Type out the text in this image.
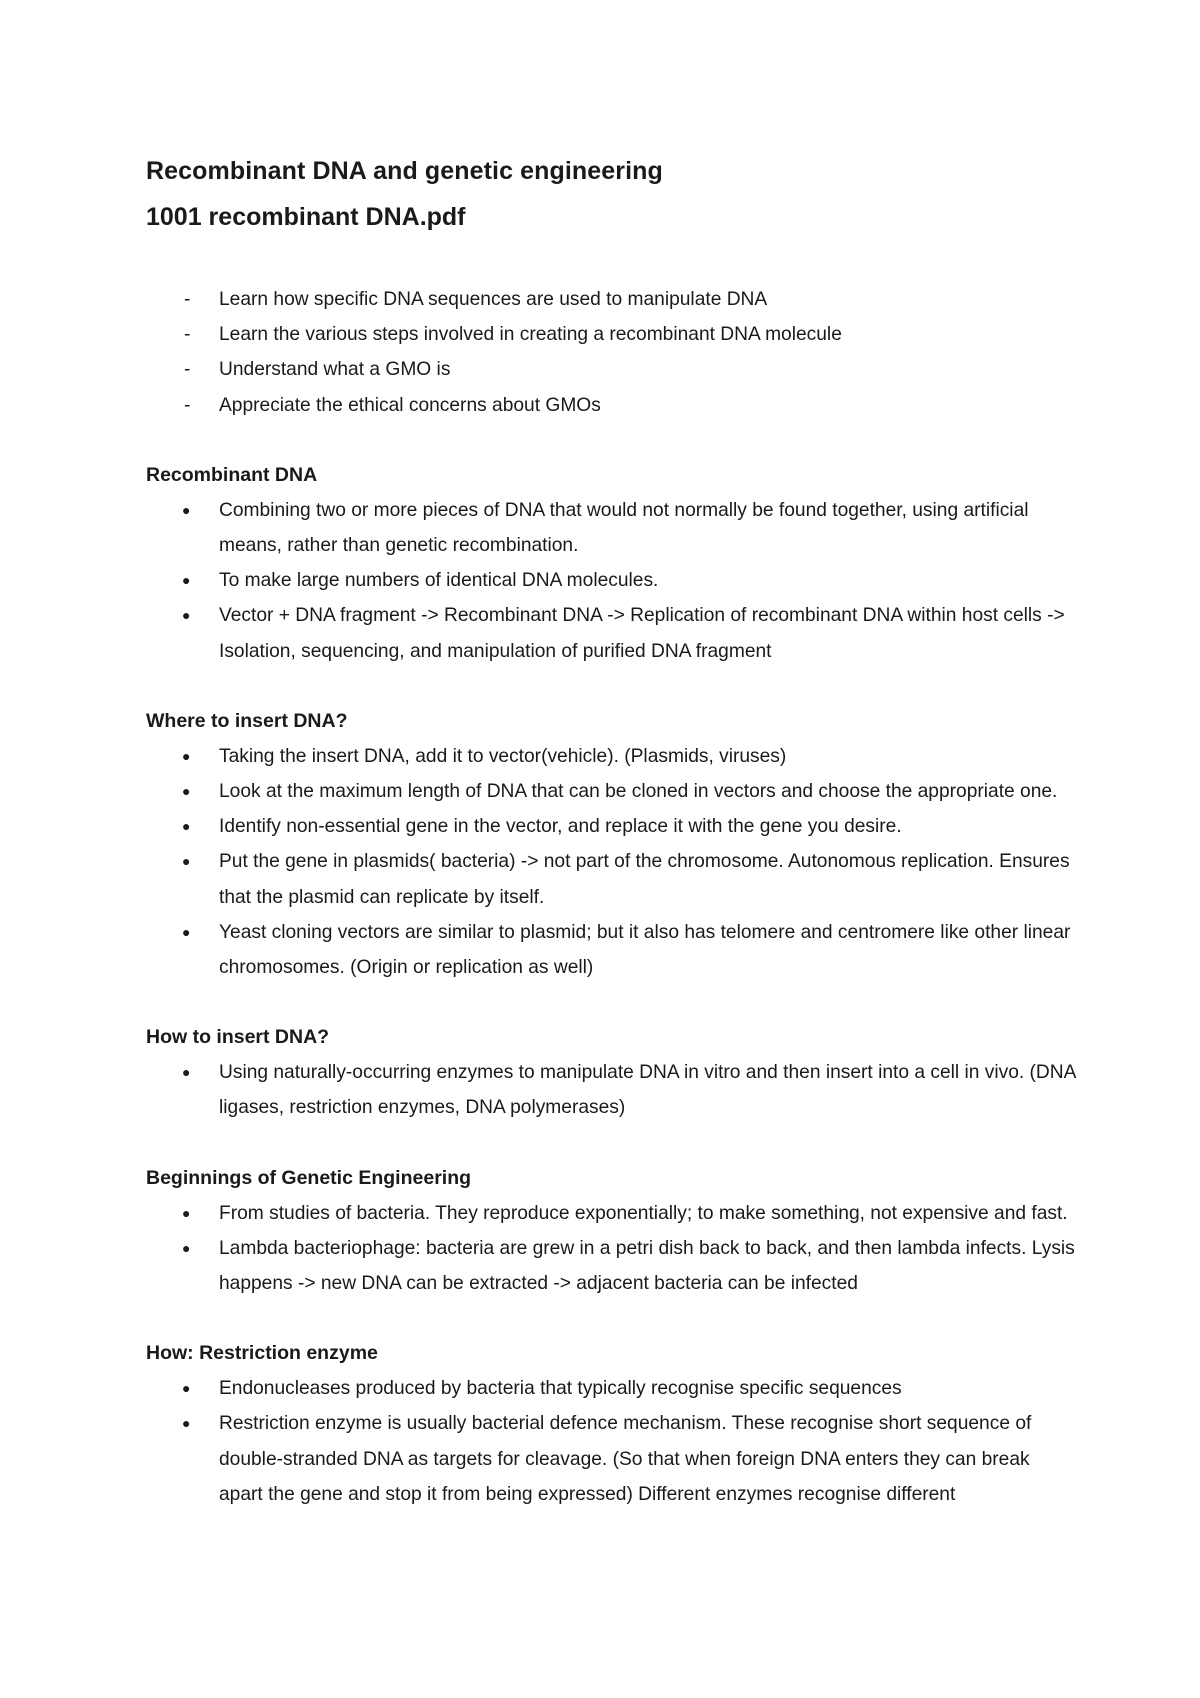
Recombinant DNA and genetic engineering
1001 recombinant DNA.pdf
- Learn how specific DNA sequences are used to manipulate DNA
- Learn the various steps involved in creating a recombinant DNA molecule
- Understand what a GMO is
- Appreciate the ethical concerns about GMOs
Recombinant DNA
● Combining two or more pieces of DNA that would not normally be found together, using artificial means, rather than genetic recombination.
● To make large numbers of identical DNA molecules.
● Vector + DNA fragment -> Recombinant DNA -> Replication of recombinant DNA within host cells -> Isolation, sequencing, and manipulation of purified DNA fragment
Where to insert DNA?
● Taking the insert DNA, add it to vector(vehicle). (Plasmids, viruses)
● Look at the maximum length of DNA that can be cloned in vectors and choose the appropriate one.
● Identify non-essential gene in the vector, and replace it with the gene you desire.
● Put the gene in plasmids( bacteria) -> not part of the chromosome. Autonomous replication. Ensures that the plasmid can replicate by itself.
● Yeast cloning vectors are similar to plasmid; but it also has telomere and centromere like other linear chromosomes. (Origin or replication as well)
How to insert DNA?
● Using naturally-occurring enzymes to manipulate DNA in vitro and then insert into a cell in vivo. (DNA ligases, restriction enzymes, DNA polymerases)
Beginnings of Genetic Engineering
● From studies of bacteria. They reproduce exponentially; to make something, not expensive and fast.
● Lambda bacteriophage: bacteria are grew in a petri dish back to back, and then lambda infects. Lysis happens -> new DNA can be extracted -> adjacent bacteria can be infected
How: Restriction enzyme
● Endonucleases produced by bacteria that typically recognise specific sequences
● Restriction enzyme is usually bacterial defence mechanism. These recognise short sequence of double-stranded DNA as targets for cleavage. (So that when foreign DNA enters they can break apart the gene and stop it from being expressed) Different enzymes recognise different
